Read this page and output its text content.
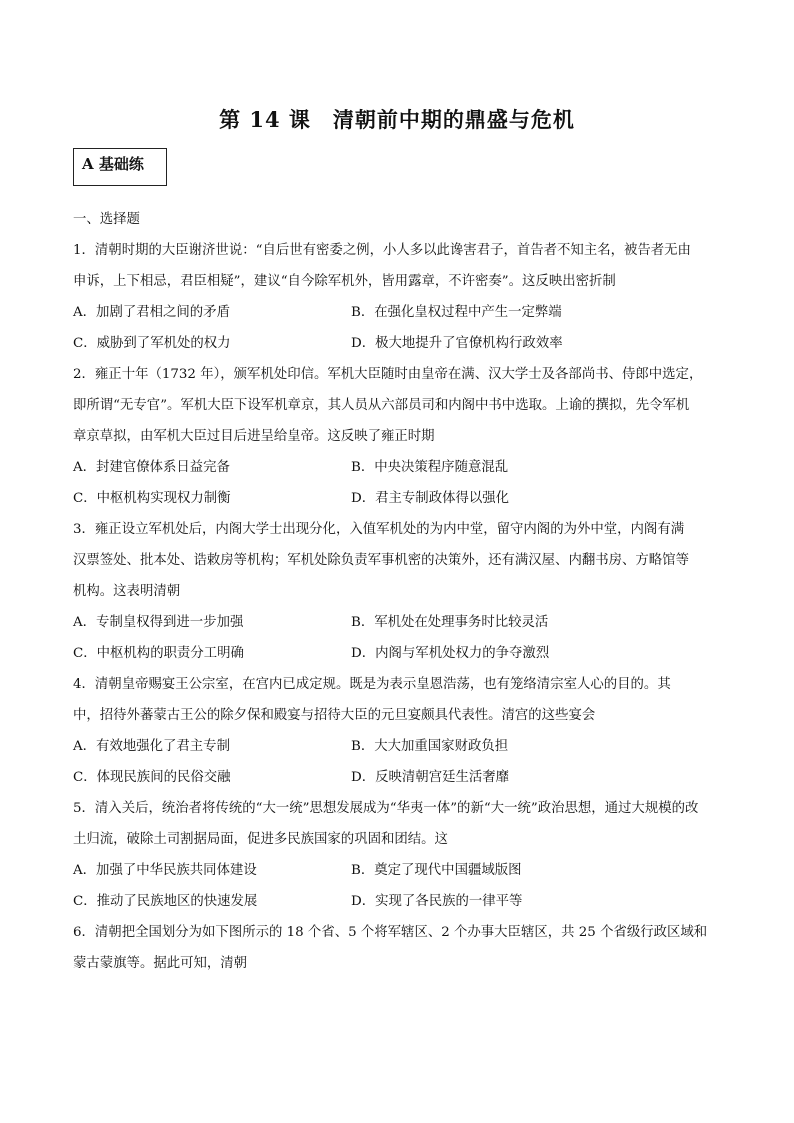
第 14 课　清朝前中期的鼎盛与危机
A 基础练
一、选择题
1．清朝时期的大臣谢济世说：“自后世有密委之例，小人多以此谗害君子，首告者不知主名，被告者无由
申诉，上下相忌，君臣相疑”，建议“自今除军机外，皆用露章，不许密奏”。这反映出密折制
A．加剧了君相之间的矛盾	B．在强化皇权过程中产生一定弊端
C．威胁到了军机处的权力	D．极大地提升了官僚机构行政效率
2．雍正十年（1732 年），颁军机处印信。军机大臣随时由皇帝在满、汉大学士及各部尚书、侍郎中选定，
即所谓“无专官”。军机大臣下设军机章京，其人员从六部员司和内阁中书中选取。上谕的撰拟，先令军机
章京草拟，由军机大臣过目后进呈给皇帝。这反映了雍正时期
A．封建官僚体系日益完备	B．中央决策程序随意混乱
C．中枢机构实现权力制衡	D．君主专制政体得以强化
3．雍正设立军机处后，内阁大学士出现分化，入值军机处的为内中堂，留守内阁的为外中堂，内阁有满
汉票签处、批本处、诰敕房等机构；军机处除负责军事机密的决策外，还有满汉屋、内翻书房、方略馆等
机构。这表明清朝
A．专制皇权得到进一步加强	B．军机处在处理事务时比较灵活
C．中枢机构的职责分工明确	D．内阁与军机处权力的争夺激烈
4．清朝皇帝赐宴王公宗室，在宫内已成定规。既是为表示皇恩浩荡，也有笼络清宗室人心的目的。其
中，招待外蕃蒙古王公的除夕保和殿宴与招待大臣的元旦宴颇具代表性。清宫的这些宴会
A．有效地强化了君主专制	B．大大加重国家财政负担
C．体现民族间的民俗交融	D．反映清朝宫廷生活奢靡
5．清入关后，统治者将传统的“大一统”思想发展成为“华夷一体”的新“大一统”政治思想，通过大规模的改
土归流，破除土司割据局面，促进多民族国家的巩固和团结。这
A．加强了中华民族共同体建设	B．奠定了现代中国疆域版图
C．推动了民族地区的快速发展	D．实现了各民族的一律平等
6．清朝把全国划分为如下图所示的 18 个省、5 个将军辖区、2 个办事大臣辖区，共 25 个省级行政区域和
蒙古蒙旗等。据此可知，清朝
